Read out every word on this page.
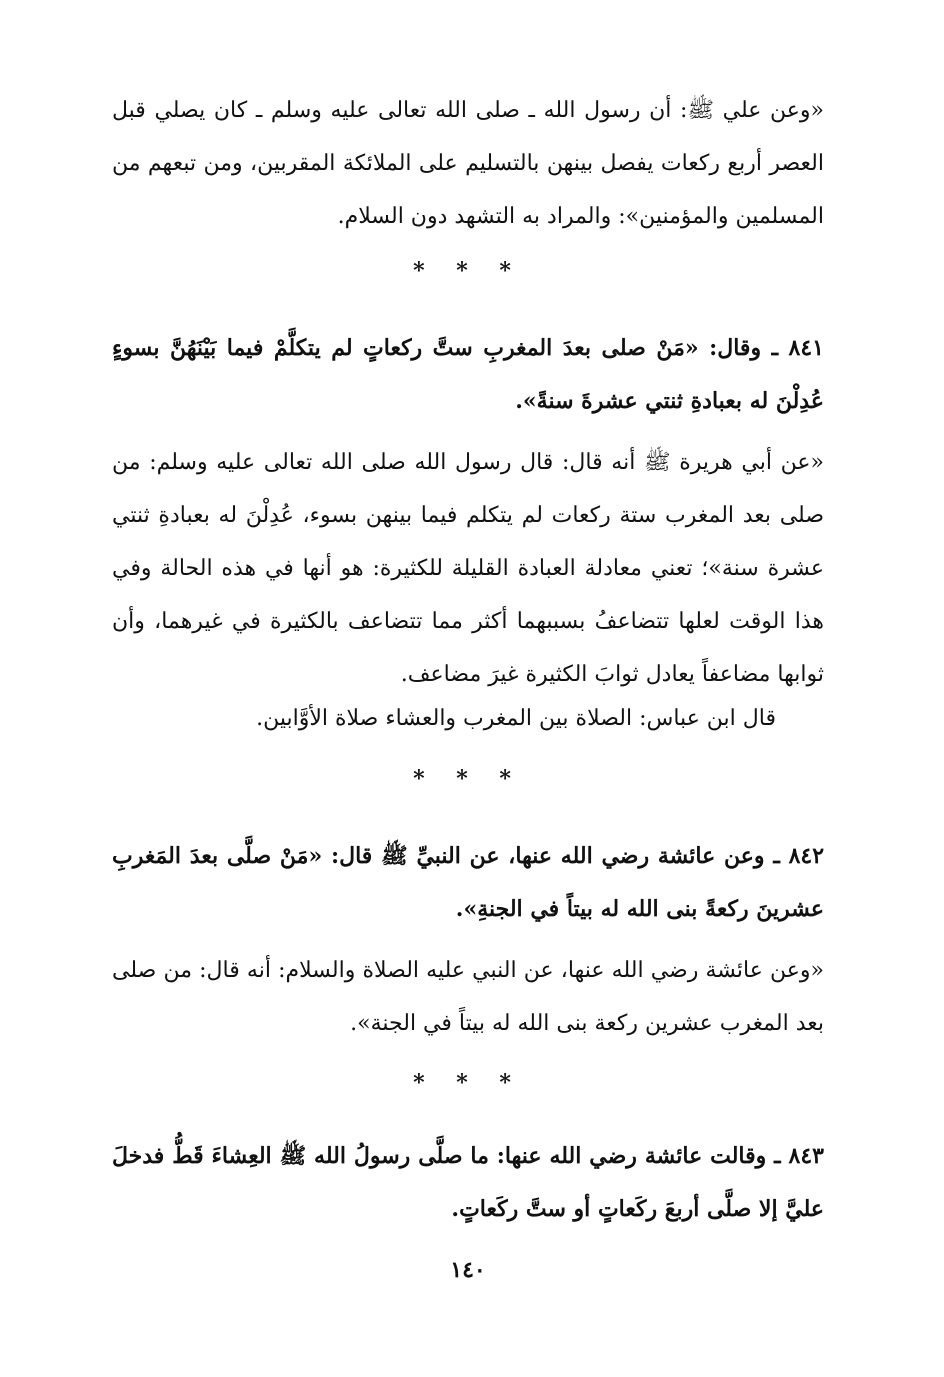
«وعن علي ﷺ: أن رسول الله ـ صلى الله تعالى عليه وسلم ـ كان يصلي قبل العصر أربع ركعات يفصل بينهن بالتسليم على الملائكة المقربين، ومن تبعهم من المسلمين والمؤمنين»: والمراد به التشهد دون السلام.

* * *

٨٤١ ـ وقال: «مَنْ صلى بعدَ المغربِ ستَّ ركعاتٍ لم يتكلَّمْ فيما بَيْنَهُنَّ بسوءٍ عُدِلْنَ له بعبادةِ ثنتي عشرةَ سنةً».

«عن أبي هريرة ﷺ أنه قال: قال رسول الله صلى الله تعالى عليه وسلم: من صلى بعد المغرب ستة ركعات لم يتكلم فيما بينهن بسوء، عُدِلْنَ له بعبادةِ ثنتي عشرة سنة»؛ تعني معادلة العبادة القليلة للكثيرة: هو أنها في هذه الحالة وفي هذا الوقت لعلها تتضاعفُ بسببهما أكثر مما تتضاعف بالكثيرة في غيرهما، وأن ثوابها مضاعفاً يعادل ثوابَ الكثيرة غيرَ مضاعف.

قال ابن عباس: الصلاة بين المغرب والعشاء صلاة الأوَّابين.

* * *

٨٤٢ ـ وعن عائشة رضي الله عنها، عن النبيِّ ﷺ قال: «مَنْ صلَّى بعدَ المَغربِ عشرينَ ركعةً بنى الله له بيتاً في الجنةِ».

«وعن عائشة رضي الله عنها، عن النبي عليه الصلاة والسلام: أنه قال: من صلى بعد المغرب عشرين ركعة بنى الله له بيتاً في الجنة».

* * *

٨٤٣ ـ وقالت عائشة رضي الله عنها: ما صلَّى رسولُ الله ﷺ العِشاءَ قَطُّ فدخلَ عليَّ إلا صلَّى أربعَ ركَعاتٍ أو ستَّ ركَعاتٍ.

١٤٠
